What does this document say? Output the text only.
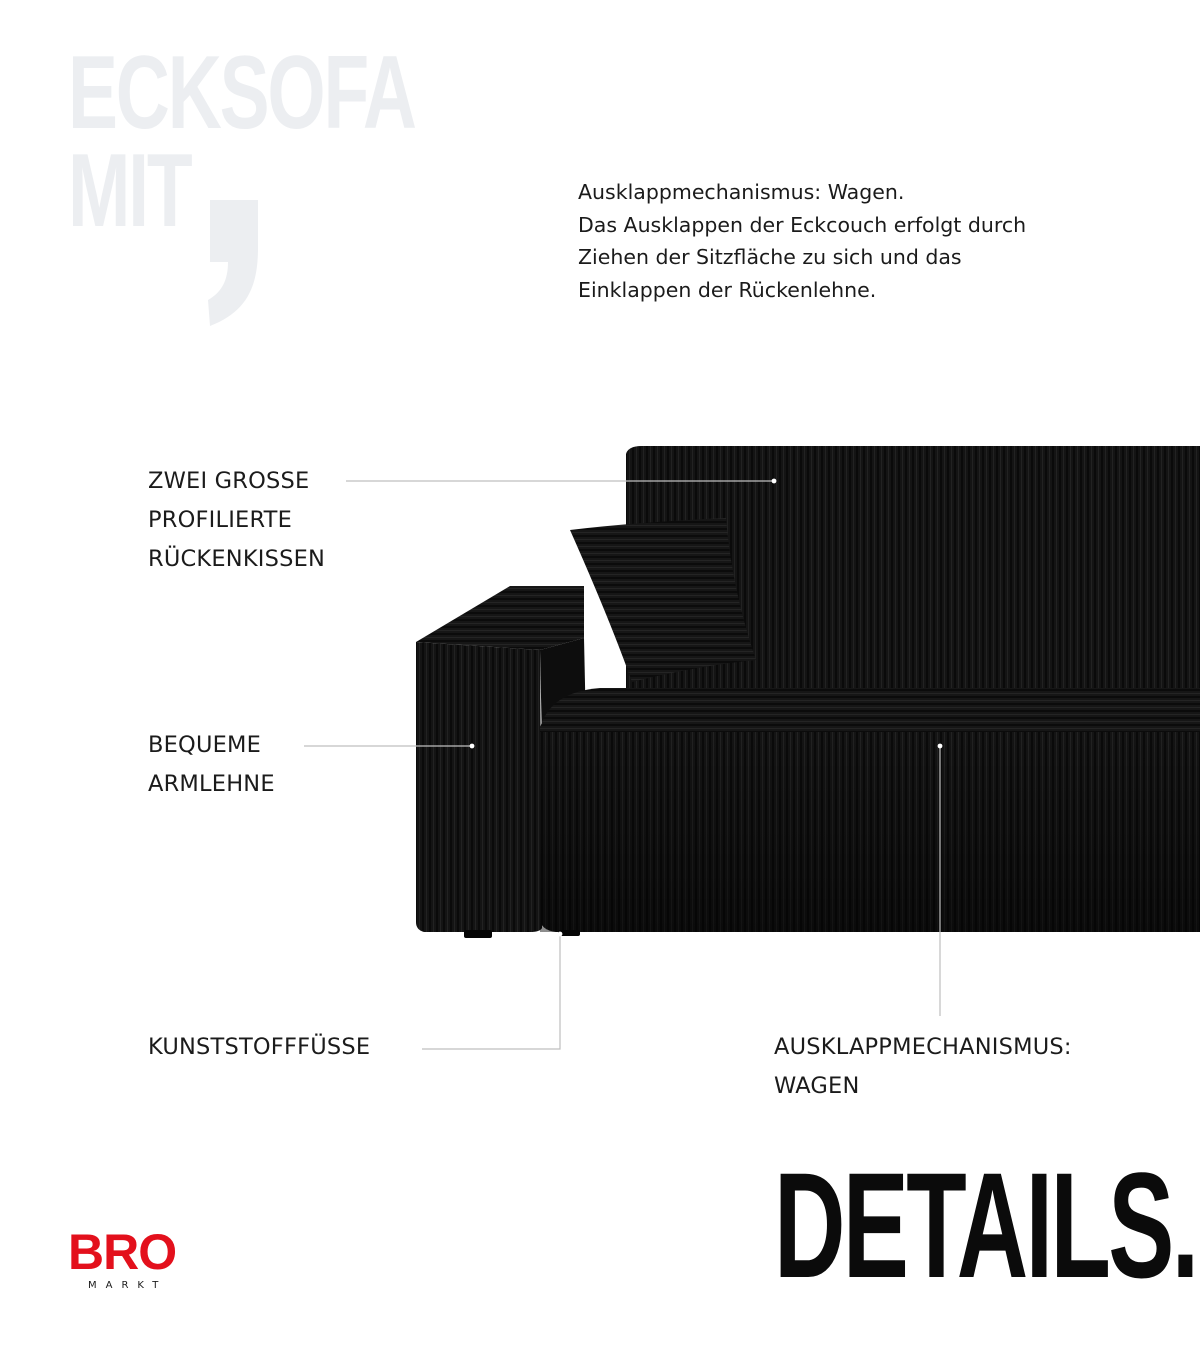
ECKSOFA
MIT	Ausklappmechanismus: Wagen.
Das Ausklappen der Eckcouch erfolgt durch
Ziehen der Sitzfläche zu sich und das
Einklappen der Rückenlehne.
ZWEI GROSSE
PROFILIERTE
RÜCKENKISSEN
BEQUEME
ARMLEHNE
KUNSTSTOFFFÜSSE	AUSKLAPPMECHANISMUS:
WAGEN
DETAILS.
BRO
MARKT
